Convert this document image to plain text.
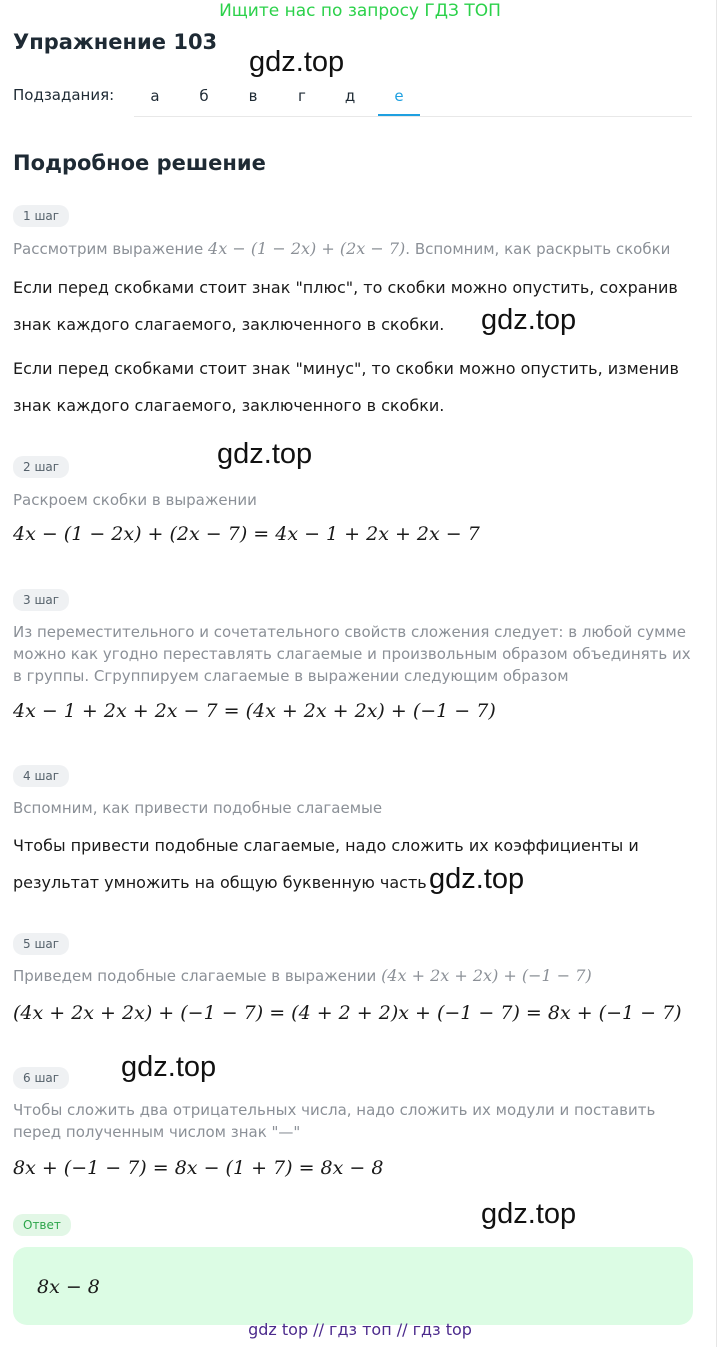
Ищите нас по запросу ГДЗ ТОП
Упражнение 103
gdz.top
Подзадания:	а	б	в	г	д	е
Подробное решение
1 шаг
Рассмотрим выражение 4x − (1 − 2x) + (2x − 7). Вспомним, как раскрыть скобки
Если перед скобками стоит знак "плюс", то скобки можно опустить, сохранив знак каждого слагаемого, заключенного в скобки.	gdz.top
Если перед скобками стоит знак "минус", то скобки можно опустить, изменив знак каждого слагаемого, заключенного в скобки.
gdz.top
2 шаг
Раскроем скобки в выражении
4x − (1 − 2x) + (2x − 7) = 4x − 1 + 2x + 2x − 7
3 шаг
Из переместительного и сочетательного свойств сложения следует: в любой сумме можно как угодно переставлять слагаемые и произвольным образом объединять их в группы. Сгруппируем слагаемые в выражении следующим образом
4x − 1 + 2x + 2x − 7 = (4x + 2x + 2x) + (−1 − 7)
4 шаг
Вспомним, как привести подобные слагаемые
Чтобы привести подобные слагаемые, надо сложить их коэффициенты и результат умножить на общую буквенную часть gdz.top
5 шаг
Приведем подобные слагаемые в выражении (4x + 2x + 2x) + (−1 − 7)
(4x + 2x + 2x) + (−1 − 7) = (4 + 2 + 2)x + (−1 − 7) = 8x + (−1 − 7)
gdz.top
6 шаг
Чтобы сложить два отрицательных числа, надо сложить их модули и поставить перед полученным числом знак "—"
8x + (−1 − 7) = 8x − (1 + 7) = 8x − 8
gdz.top
Ответ
8x − 8
gdz top // гдз топ // гдз top
